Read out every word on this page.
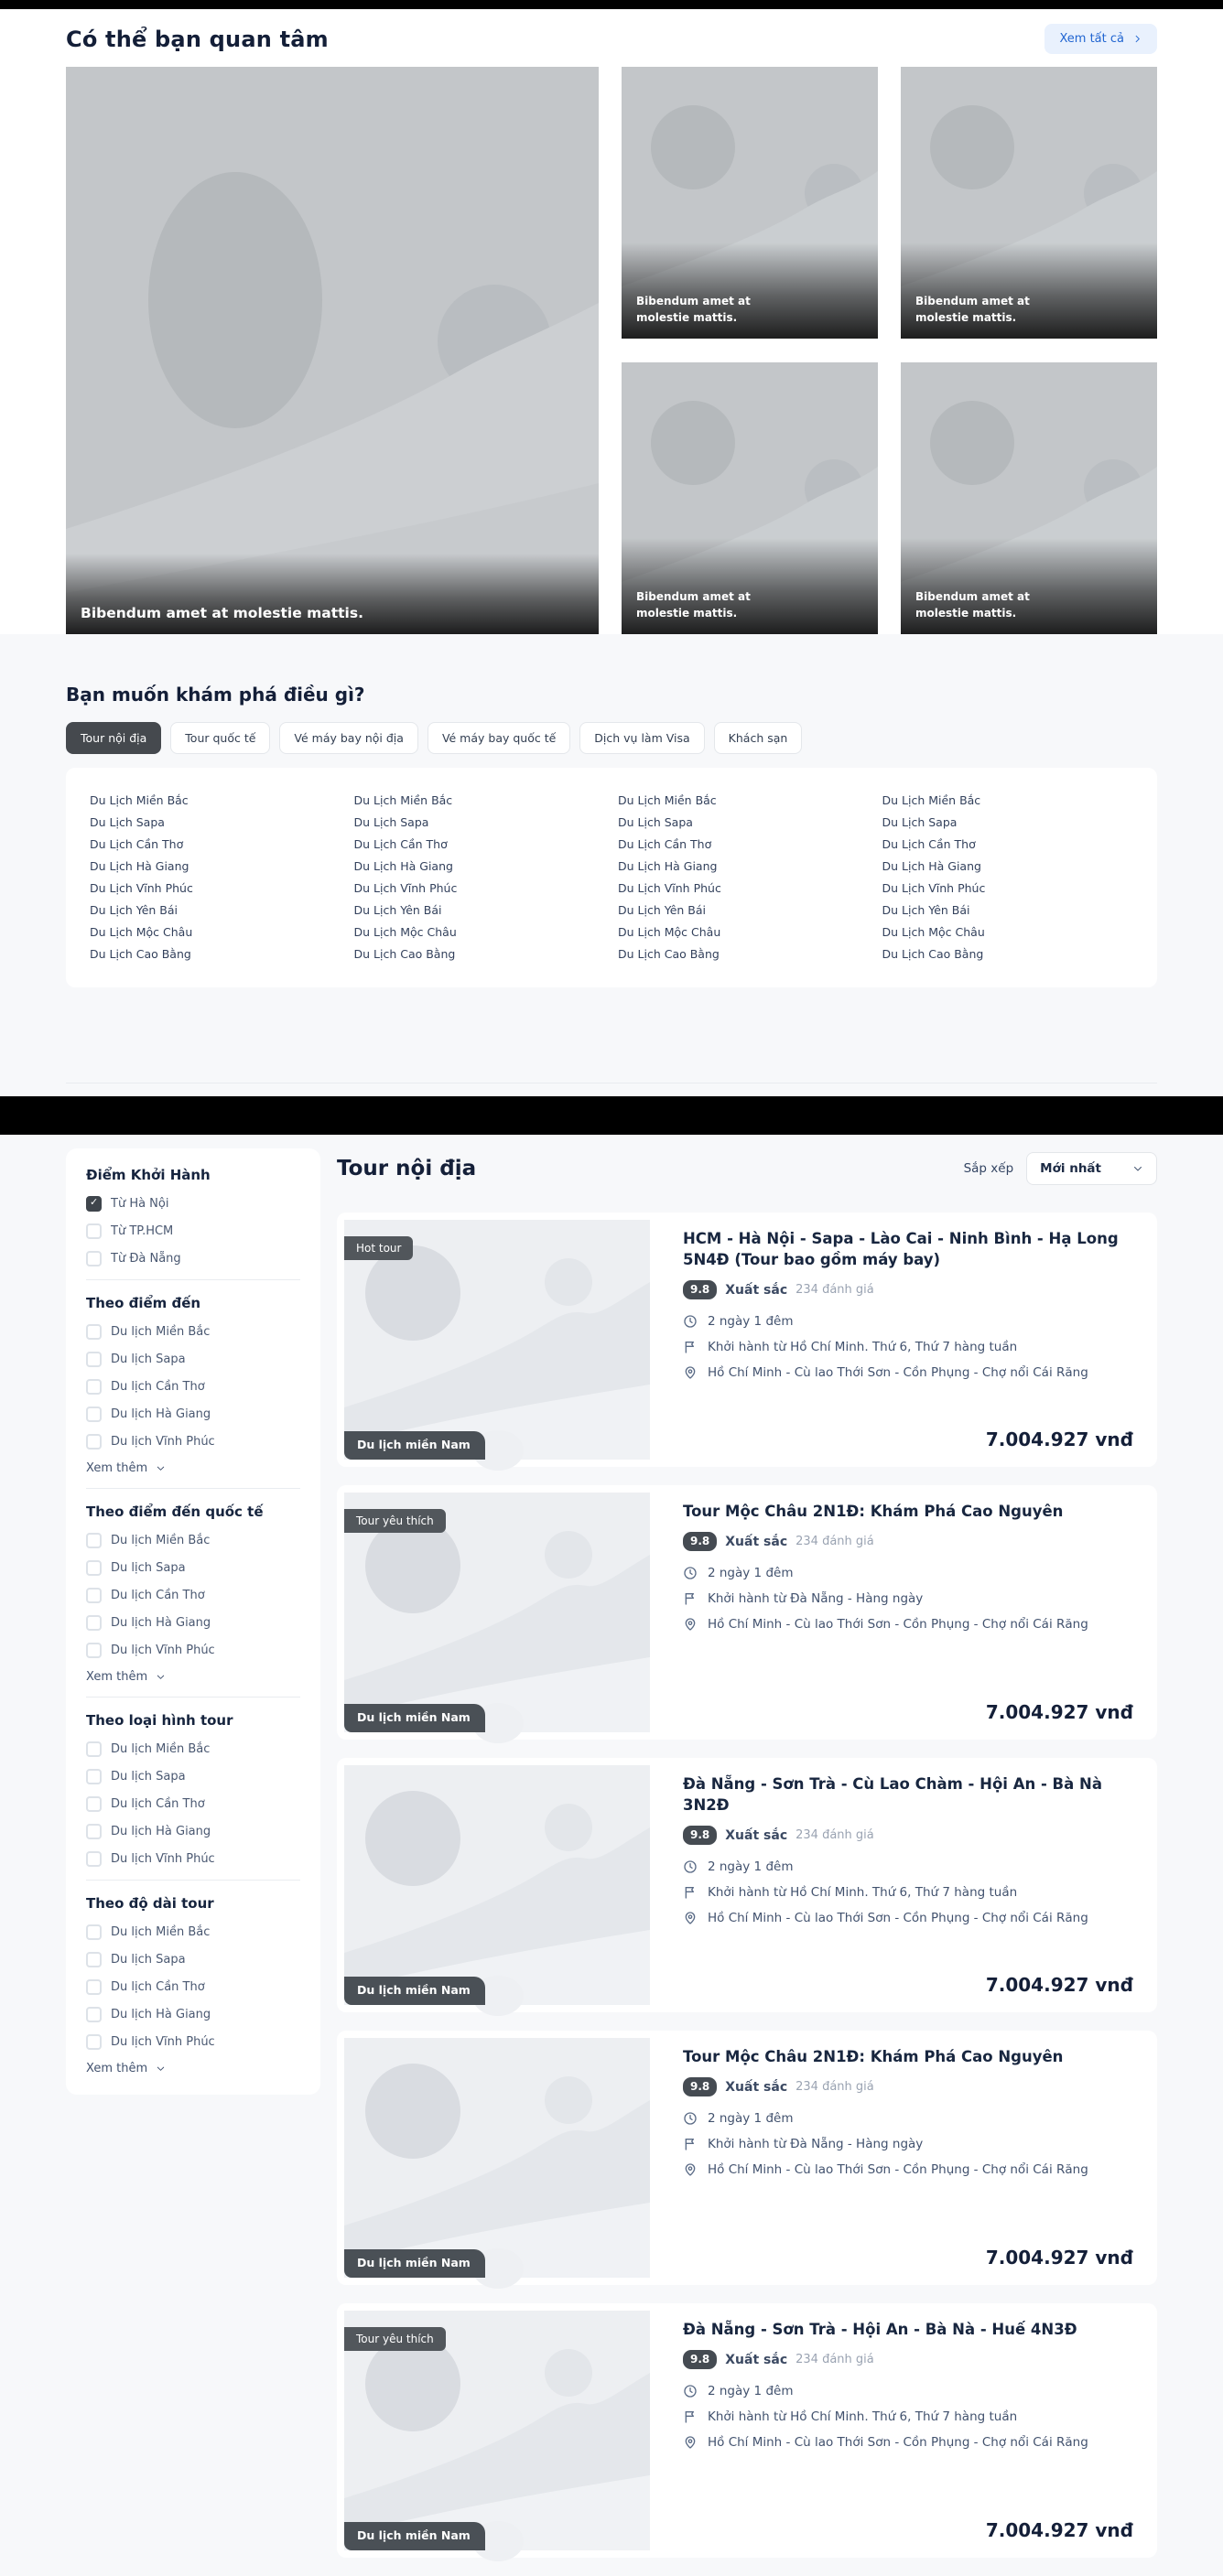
Có thể bạn quan tâm	Xem tất cả
Bibendum amet at molestie mattis.
Bibendum amet at molestie mattis.
Bibendum amet at molestie mattis.
Bibendum amet at molestie mattis.
Bibendum amet at molestie mattis.
Bạn muốn khám phá điều gì?
Tour nội địa	Tour quốc tế	Vé máy bay nội địa	Vé máy bay quốc tế	Dịch vụ làm Visa	Khách sạn
Du Lịch Miền Bắc
Du Lịch Sapa
Du Lịch Cần Thơ
Du Lịch Hà Giang
Du Lịch Vĩnh Phúc
Du Lịch Yên Bái
Du Lịch Mộc Châu
Du Lịch Cao Bằng
Du Lịch Miền Bắc
Du Lịch Sapa
Du Lịch Cần Thơ
Du Lịch Hà Giang
Du Lịch Vĩnh Phúc
Du Lịch Yên Bái
Du Lịch Mộc Châu
Du Lịch Cao Bằng
Du Lịch Miền Bắc
Du Lịch Sapa
Du Lịch Cần Thơ
Du Lịch Hà Giang
Du Lịch Vĩnh Phúc
Du Lịch Yên Bái
Du Lịch Mộc Châu
Du Lịch Cao Bằng
Du Lịch Miền Bắc
Du Lịch Sapa
Du Lịch Cần Thơ
Du Lịch Hà Giang
Du Lịch Vĩnh Phúc
Du Lịch Yên Bái
Du Lịch Mộc Châu
Du Lịch Cao Bằng
Điểm Khởi Hành
✓
Từ Hà Nội
Từ TP.HCM
Từ Đà Nẵng
Theo điểm đến
Du lịch Miền Bắc
Du lịch Sapa
Du lịch Cần Thơ
Du lịch Hà Giang
Du lịch Vĩnh Phúc
Xem thêm
Theo điểm đến quốc tế
Du lịch Miền Bắc
Du lịch Sapa
Du lịch Cần Thơ
Du lịch Hà Giang
Du lịch Vĩnh Phúc
Xem thêm
Theo loại hình tour
Du lịch Miền Bắc
Du lịch Sapa
Du lịch Cần Thơ
Du lịch Hà Giang
Du lịch Vĩnh Phúc
Theo độ dài tour
Du lịch Miền Bắc
Du lịch Sapa
Du lịch Cần Thơ
Du lịch Hà Giang
Du lịch Vĩnh Phúc
Xem thêm
Tour nội địa	Sắp xếp Mới nhất
Hot tour
Du lịch miền Nam
HCM - Hà Nội - Sapa - Lào Cai - Ninh Bình - Hạ Long 5N4Đ (Tour bao gồm máy bay)
9.8	Xuất sắc 234 đánh giá
2 ngày 1 đêm
Khởi hành từ Hồ Chí Minh. Thứ 6, Thứ 7 hàng tuần
Hồ Chí Minh - Cù lao Thới Sơn - Cồn Phụng - Chợ nổi Cái Răng
7.004.927 vnđ
Tour yêu thích
Du lịch miền Nam
Tour Mộc Châu 2N1Đ: Khám Phá Cao Nguyên
9.8	Xuất sắc 234 đánh giá
2 ngày 1 đêm
Khởi hành từ Đà Nẵng - Hàng ngày
Hồ Chí Minh - Cù lao Thới Sơn - Cồn Phụng - Chợ nổi Cái Răng
7.004.927 vnđ
Du lịch miền Nam
Đà Nẵng - Sơn Trà - Cù Lao Chàm - Hội An - Bà Nà 3N2Đ
9.8	Xuất sắc 234 đánh giá
2 ngày 1 đêm
Khởi hành từ Hồ Chí Minh. Thứ 6, Thứ 7 hàng tuần
Hồ Chí Minh - Cù lao Thới Sơn - Cồn Phụng - Chợ nổi Cái Răng
7.004.927 vnđ
Du lịch miền Nam
Tour Mộc Châu 2N1Đ: Khám Phá Cao Nguyên
9.8	Xuất sắc 234 đánh giá
2 ngày 1 đêm
Khởi hành từ Đà Nẵng - Hàng ngày
Hồ Chí Minh - Cù lao Thới Sơn - Cồn Phụng - Chợ nổi Cái Răng
7.004.927 vnđ
Tour yêu thích
Du lịch miền Nam
Đà Nẵng - Sơn Trà - Hội An - Bà Nà - Huế 4N3Đ
9.8	Xuất sắc 234 đánh giá
2 ngày 1 đêm
Khởi hành từ Hồ Chí Minh. Thứ 6, Thứ 7 hàng tuần
Hồ Chí Minh - Cù lao Thới Sơn - Cồn Phụng - Chợ nổi Cái Răng
7.004.927 vnđ
